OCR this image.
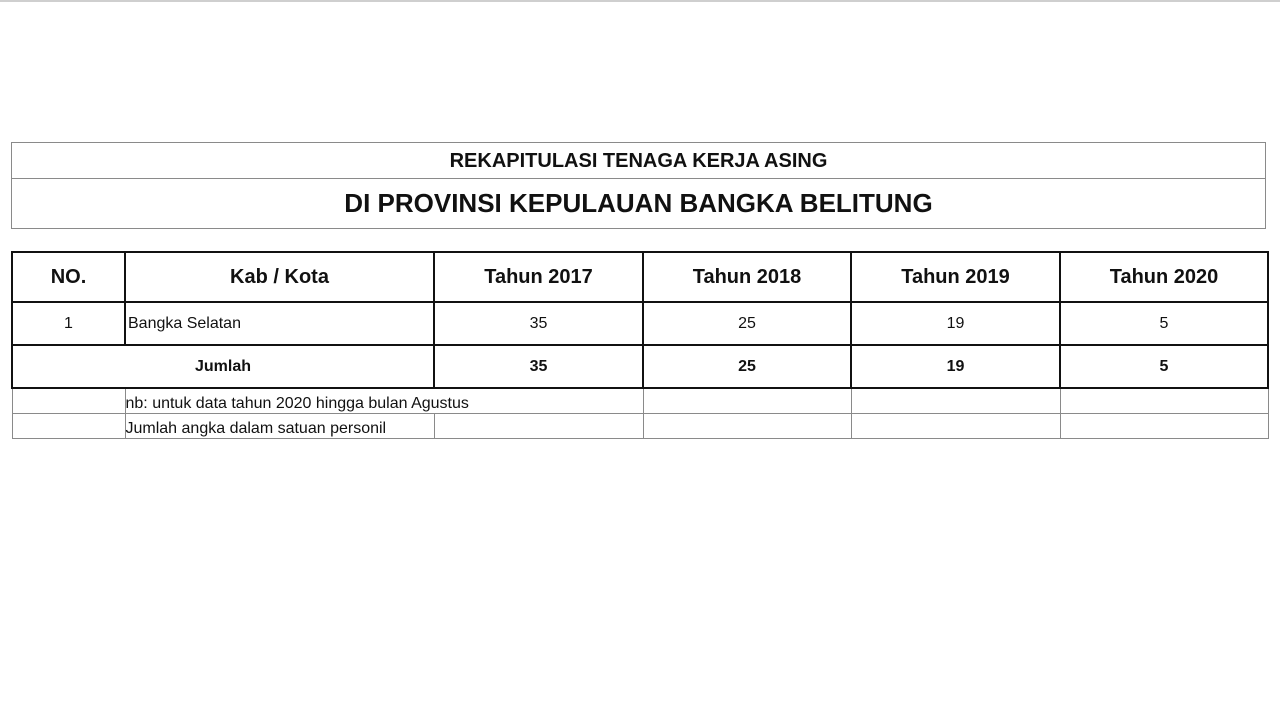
REKAPITULASI TENAGA KERJA ASING
DI PROVINSI KEPULAUAN BANGKA BELITUNG
NO.	Kab / Kota	Tahun 2017	Tahun 2018	Tahun 2019	Tahun 2020
1	Bangka Selatan	35	25	19	5
Jumlah		35	25	19	5
	nb: untuk data tahun 2020 hingga bulan Agustus				
	Jumlah angka dalam satuan personil				
